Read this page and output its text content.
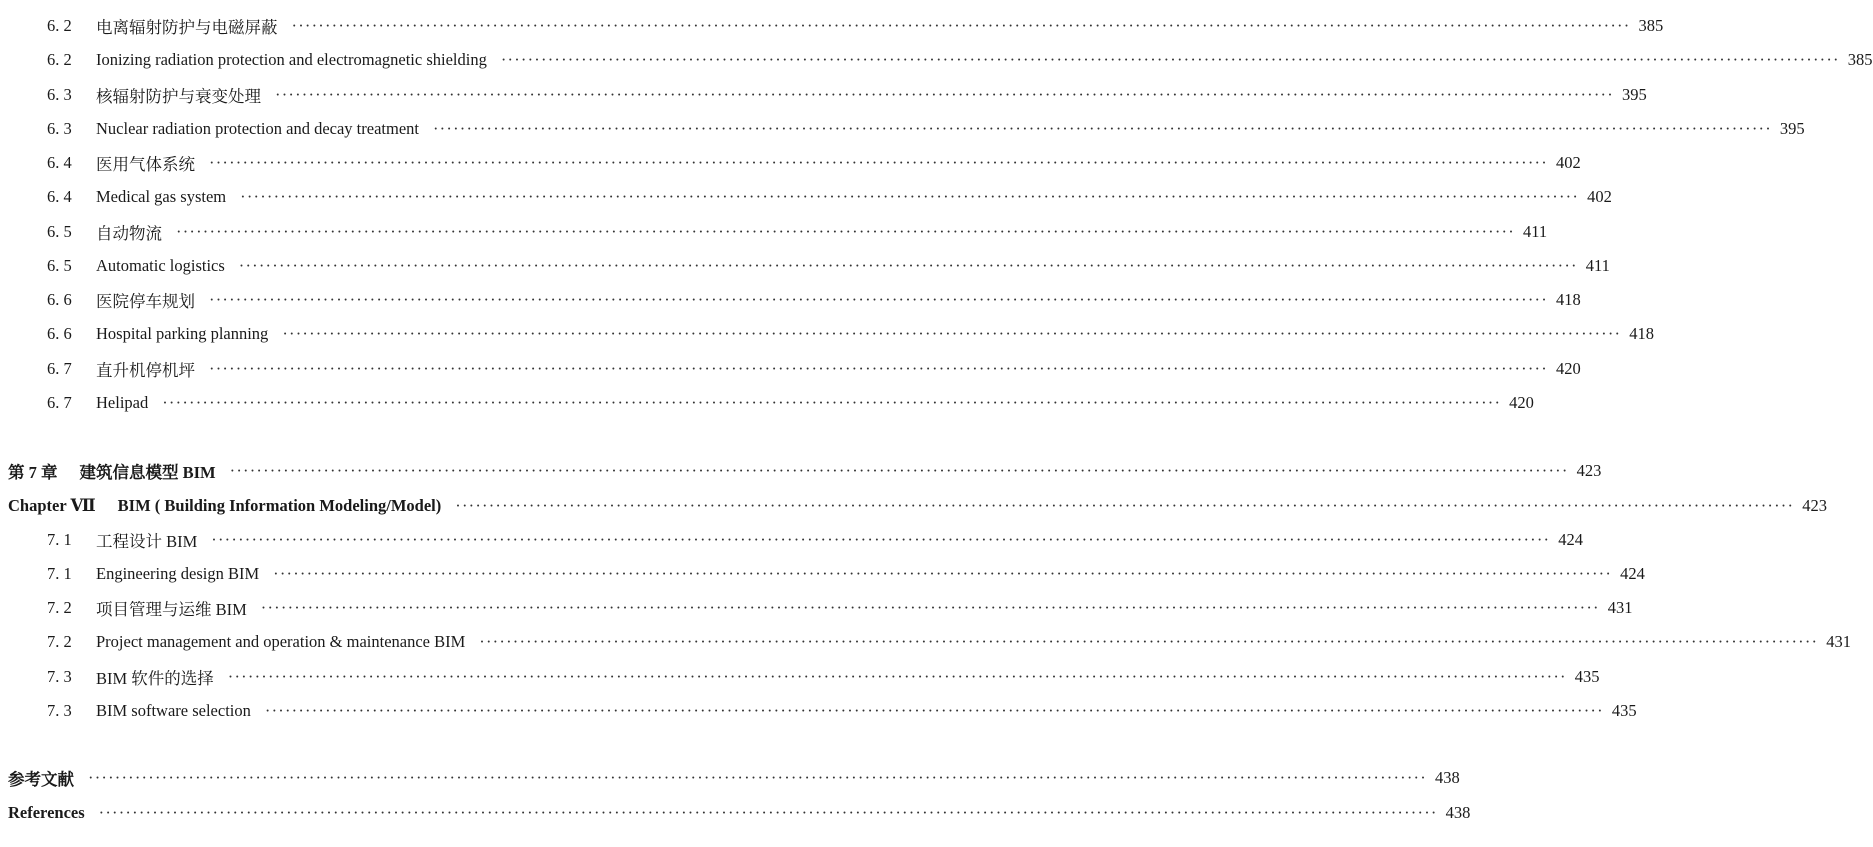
6. 2	电离辐射防护与电磁屏蔽 ········································································································································································································ 385
6. 2	Ionizing radiation protection and electromagnetic shielding ········································································································································································································ 385
6. 3	核辐射防护与衰变处理 ········································································································································································································ 395
6. 3	Nuclear radiation protection and decay treatment ········································································································································································································ 395
6. 4	医用气体系统 ········································································································································································································ 402
6. 4	Medical gas system ········································································································································································································ 402
6. 5	自动物流 ········································································································································································································ 411
6. 5	Automatic logistics ········································································································································································································ 411
6. 6	医院停车规划 ········································································································································································································ 418
6. 6	Hospital parking planning ········································································································································································································ 418
6. 7	直升机停机坪 ········································································································································································································ 420
6. 7	Helipad ········································································································································································································ 420
第 7 章 建筑信息模型 BIM ········································································································································································································ 423
Chapter Ⅶ BIM ( Building Information Modeling/Model) ········································································································································································································ 423
7. 1	工程设计 BIM ········································································································································································································ 424
7. 1	Engineering design BIM ········································································································································································································ 424
7. 2	项目管理与运维 BIM ········································································································································································································ 431
7. 2	Project management and operation & maintenance BIM ········································································································································································································ 431
7. 3	BIM 软件的选择 ········································································································································································································ 435
7. 3	BIM software selection ········································································································································································································ 435
参考文献 ········································································································································································································ 438
References ········································································································································································································ 438
